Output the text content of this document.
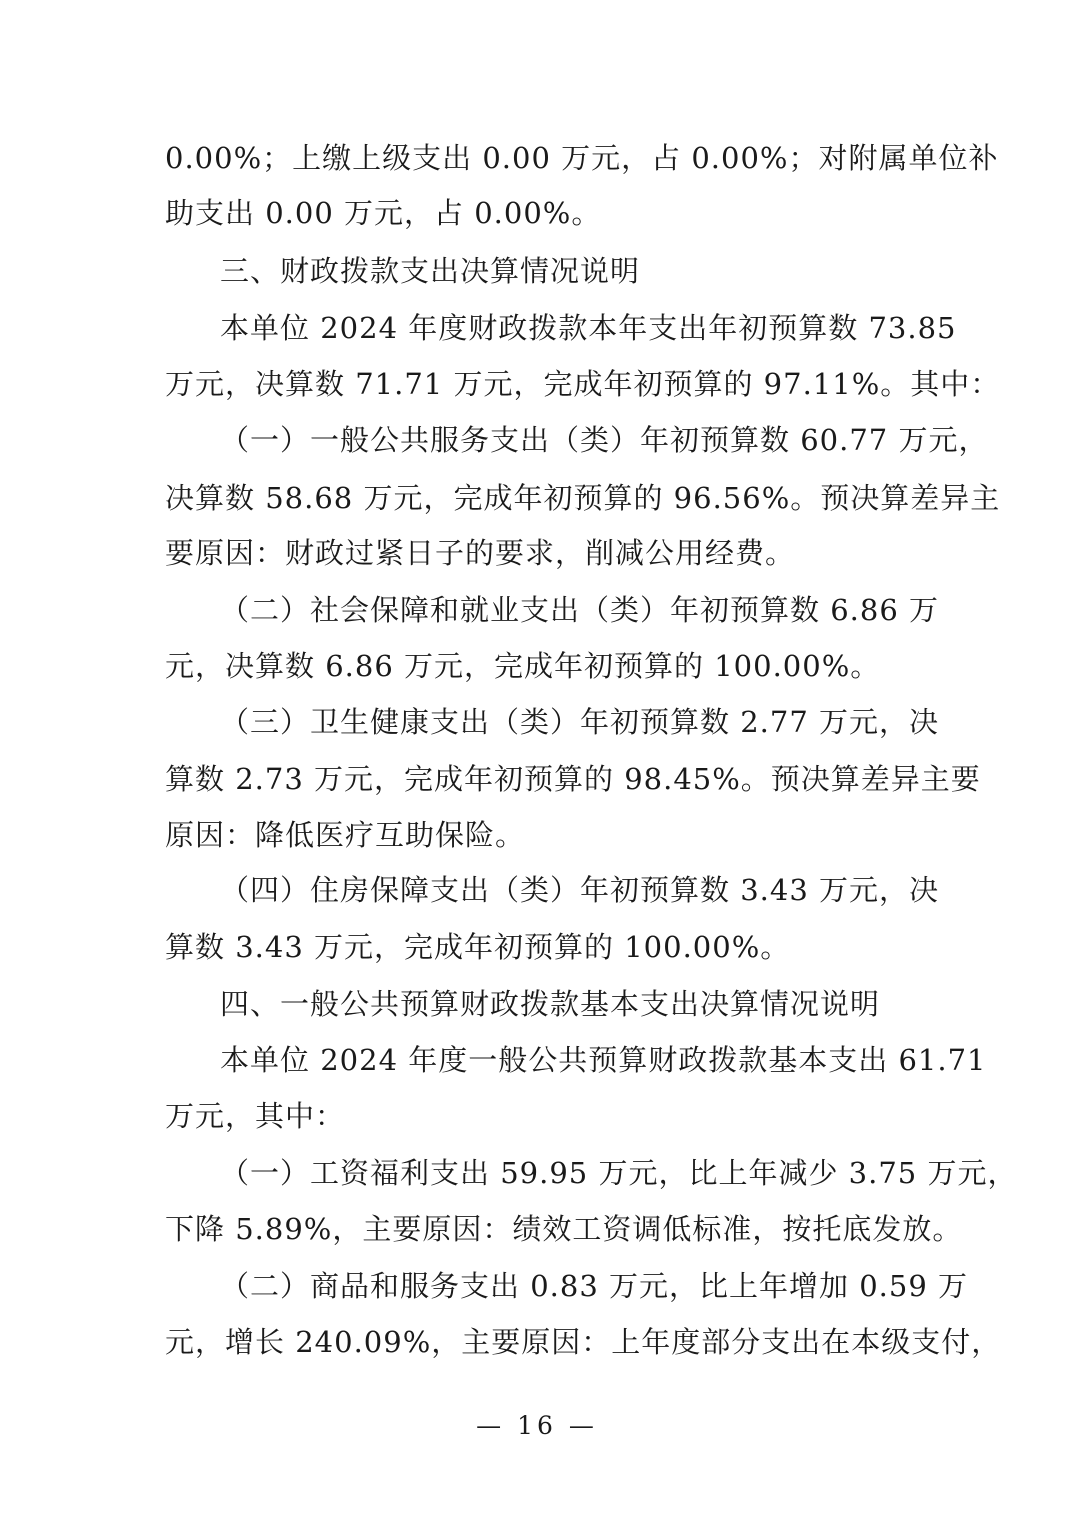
0.00%；上缴上级支出 0.00 万元，占 0.00%；对附属单位补
助支出 0.00 万元，占 0.00%。
三、财政拨款支出决算情况说明
本单位 2024 年度财政拨款本年支出年初预算数 73.85
万元，决算数 71.71 万元，完成年初预算的 97.11%。其中：
（一）一般公共服务支出（类）年初预算数 60.77 万元，
决算数 58.68 万元，完成年初预算的 96.56%。预决算差异主
要原因：财政过紧日子的要求，削减公用经费。
（二）社会保障和就业支出（类）年初预算数 6.86 万
元，决算数 6.86 万元，完成年初预算的 100.00%。
（三）卫生健康支出（类）年初预算数 2.77 万元，决
算数 2.73 万元，完成年初预算的 98.45%。预决算差异主要
原因：降低医疗互助保险。
（四）住房保障支出（类）年初预算数 3.43 万元，决
算数 3.43 万元，完成年初预算的 100.00%。
四、一般公共预算财政拨款基本支出决算情况说明
本单位 2024 年度一般公共预算财政拨款基本支出 61.71
万元，其中：
（一）工资福利支出 59.95 万元，比上年减少 3.75 万元，
下降 5.89%，主要原因：绩效工资调低标准，按托底发放。
（二）商品和服务支出 0.83 万元，比上年增加 0.59 万
元，增长 240.09%，主要原因：上年度部分支出在本级支付，
— 16 —
